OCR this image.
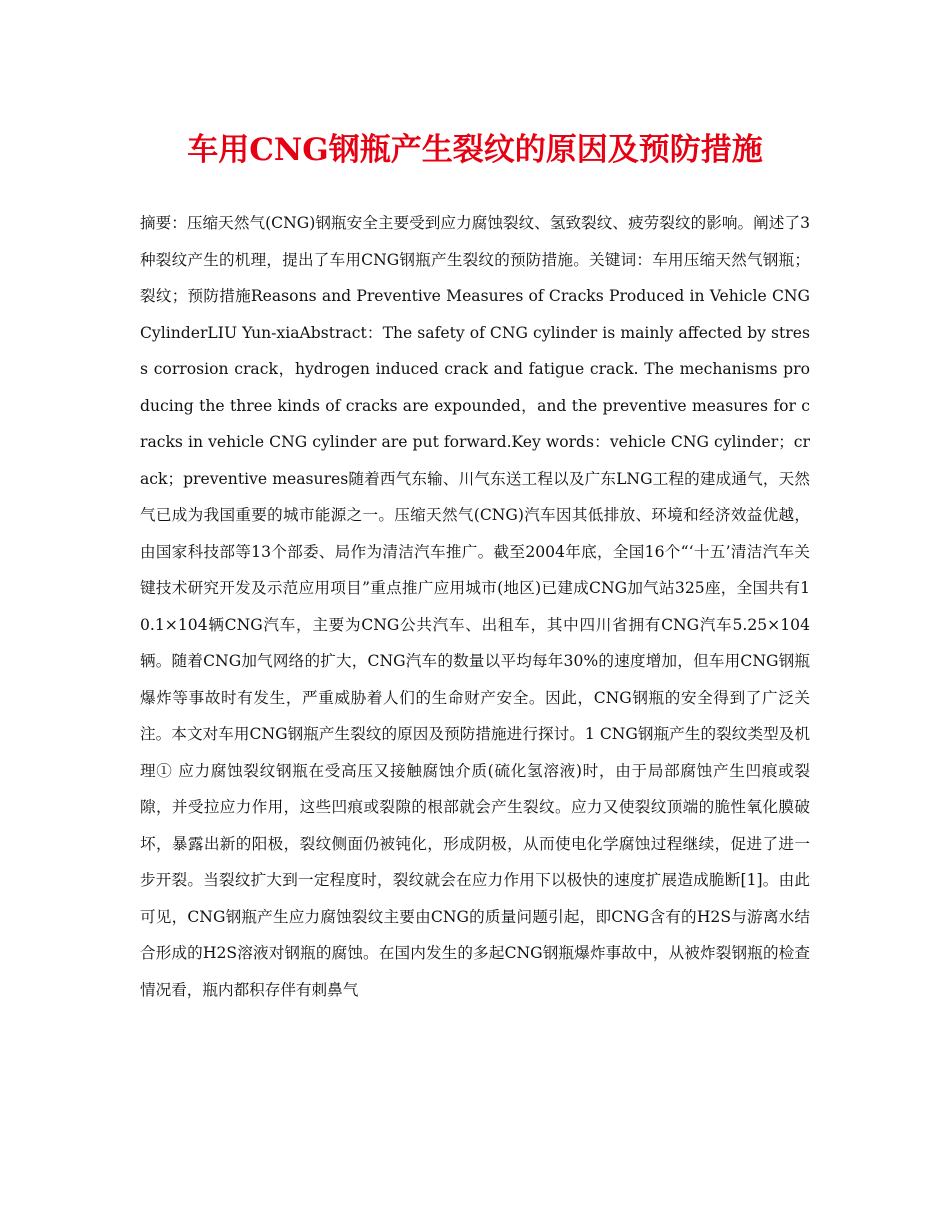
车用CNG钢瓶产生裂纹的原因及预防措施

摘要：压缩天然气(CNG)钢瓶安全主要受到应力腐蚀裂纹、氢致裂纹、疲劳裂纹的影响。阐述了3种裂纹产生的机理，提出了车用CNG钢瓶产生裂纹的预防措施。关键词：车用压缩天然气钢瓶；裂纹；预防措施Reasons and Preventive Measures of Cracks Produced in Vehicle CNG CylinderLIU Yun-xiaAbstract：The safety of CNG cylinder is mainly affected by stress corrosion crack，hydrogen induced crack and fatigue crack. The mechanisms producing the three kinds of cracks are expounded，and the preventive measures for cracks in vehicle CNG cylinder are put forward.Key words：vehicle CNG cylinder；crack；preventive measures随着西气东输、川气东送工程以及广东LNG工程的建成通气，天然气已成为我国重要的城市能源之一。压缩天然气(CNG)汽车因其低排放、环境和经济效益优越，由国家科技部等13个部委、局作为清洁汽车推广。截至2004年底，全国16个“‘十五’清洁汽车关键技术研究开发及示范应用项目”重点推广应用城市(地区)已建成CNG加气站325座，全国共有10.1×104辆CNG汽车，主要为CNG公共汽车、出租车，其中四川省拥有CNG汽车5.25×104辆。随着CNG加气网络的扩大，CNG汽车的数量以平均每年30%的速度增加，但车用CNG钢瓶爆炸等事故时有发生，严重威胁着人们的生命财产安全。因此，CNG钢瓶的安全得到了广泛关注。本文对车用CNG钢瓶产生裂纹的原因及预防措施进行探讨。1 CNG钢瓶产生的裂纹类型及机理① 应力腐蚀裂纹钢瓶在受高压又接触腐蚀介质(硫化氢溶液)时，由于局部腐蚀产生凹痕或裂隙，并受拉应力作用，这些凹痕或裂隙的根部就会产生裂纹。应力又使裂纹顶端的脆性氧化膜破坏，暴露出新的阳极，裂纹侧面仍被钝化，形成阴极，从而使电化学腐蚀过程继续，促进了进一步开裂。当裂纹扩大到一定程度时，裂纹就会在应力作用下以极快的速度扩展造成脆断[1]。由此可见，CNG钢瓶产生应力腐蚀裂纹主要由CNG的质量问题引起，即CNG含有的H2S与游离水结合形成的H2S溶液对钢瓶的腐蚀。在国内发生的多起CNG钢瓶爆炸事故中，从被炸裂钢瓶的检查情况看，瓶内都积存伴有刺鼻气
